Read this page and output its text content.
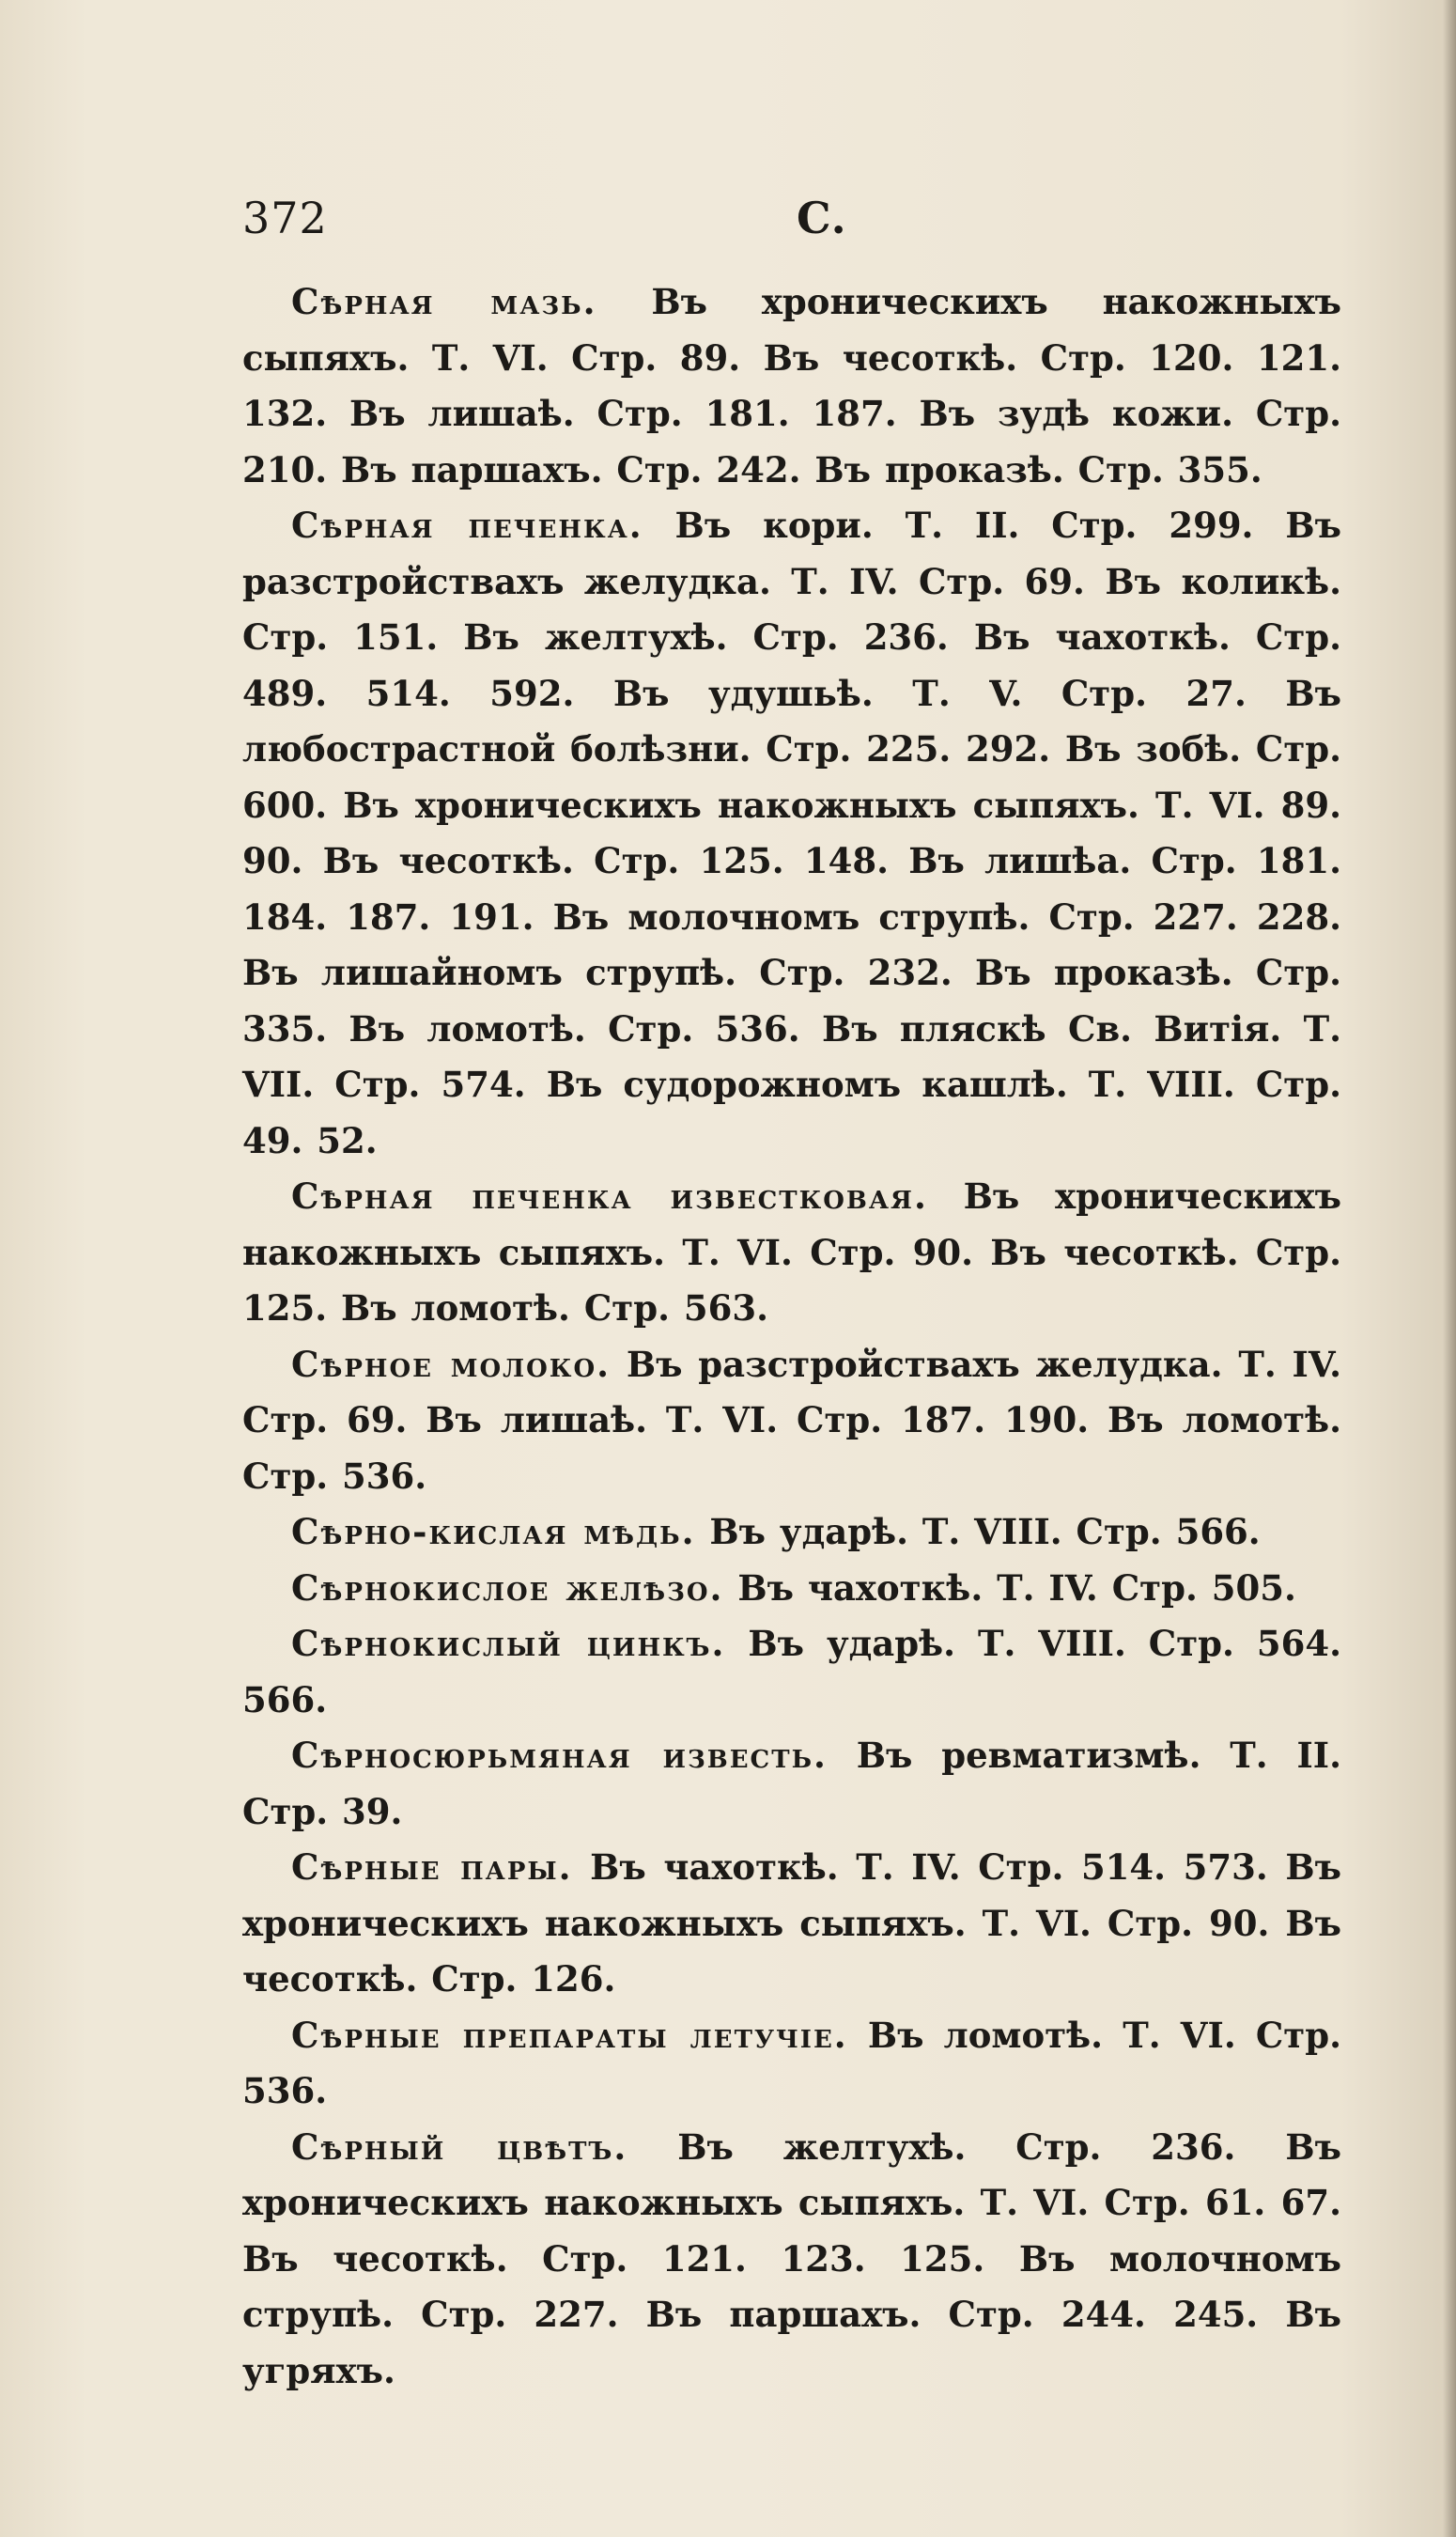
372	С.

Сѣрная мазь. Въ хроническихъ накожныхъ сыпяхъ. Т. VI. Стр. 89. Въ чесоткѣ. Стр. 120. 121. 132. Въ лишаѣ. Стр. 181. 187. Въ зудѣ кожи. Стр. 210. Въ паршахъ. Стр. 242. Въ проказѣ. Стр. 355.

Сѣрная печенка. Въ кори. Т. II. Стр. 299. Въ разстройствахъ желудка. Т. IV. Стр. 69. Въ коликѣ. Стр. 151. Въ желтухѣ. Стр. 236. Въ чахоткѣ. Стр. 489. 514. 592. Въ удушьѣ. Т. V. Стр. 27. Въ любострастной болѣзни. Стр. 225. 292. Въ зобѣ. Стр. 600. Въ хроническихъ накожныхъ сыпяхъ. Т. VI. 89. 90. Въ чесоткѣ. Стр. 125. 148. Въ лишѣа. Стр. 181. 184. 187. 191. Въ молочномъ струпѣ. Стр. 227. 228. Въ лишайномъ струпѣ. Стр. 232. Въ проказѣ. Стр. 335. Въ ломотѣ. Стр. 536. Въ пляскѣ Св. Витія. Т. VII. Стр. 574. Въ судорожномъ кашлѣ. Т. VIII. Стр. 49. 52.

Сѣрная печенка известковая. Въ хроническихъ накожныхъ сыпяхъ. Т. VI. Стр. 90. Въ чесоткѣ. Стр. 125. Въ ломотѣ. Стр. 563.

Сѣрное молоко. Въ разстройствахъ желудка. Т. IV. Стр. 69. Въ лишаѣ. Т. VI. Стр. 187. 190. Въ ломотѣ. Стр. 536.

Сѣрно-кислая мѣдь. Въ ударѣ. Т. VIII. Стр. 566.

Сѣрнокислое желѣзо. Въ чахоткѣ. Т. IV. Стр. 505.

Сѣрнокислый цинкъ. Въ ударѣ. Т. VIII. Стр. 564. 566.

Сѣрносюрьмяная известь. Въ ревматизмѣ. Т. II. Стр. 39.

Сѣрные пары. Въ чахоткѣ. Т. IV. Стр. 514. 573. Въ хроническихъ накожныхъ сыпяхъ. Т. VI. Стр. 90. Въ чесоткѣ. Стр. 126.

Сѣрные препараты летучіе. Въ ломотѣ. Т. VI. Стр. 536.

Сѣрный цвѣтъ. Въ желтухѣ. Стр. 236. Въ хроническихъ накожныхъ сыпяхъ. Т. VI. Стр. 61. 67. Въ чесоткѣ. Стр. 121. 123. 125. Въ молочномъ струпѣ. Стр. 227. Въ паршахъ. Стр. 244. 245. Въ угряхъ.
